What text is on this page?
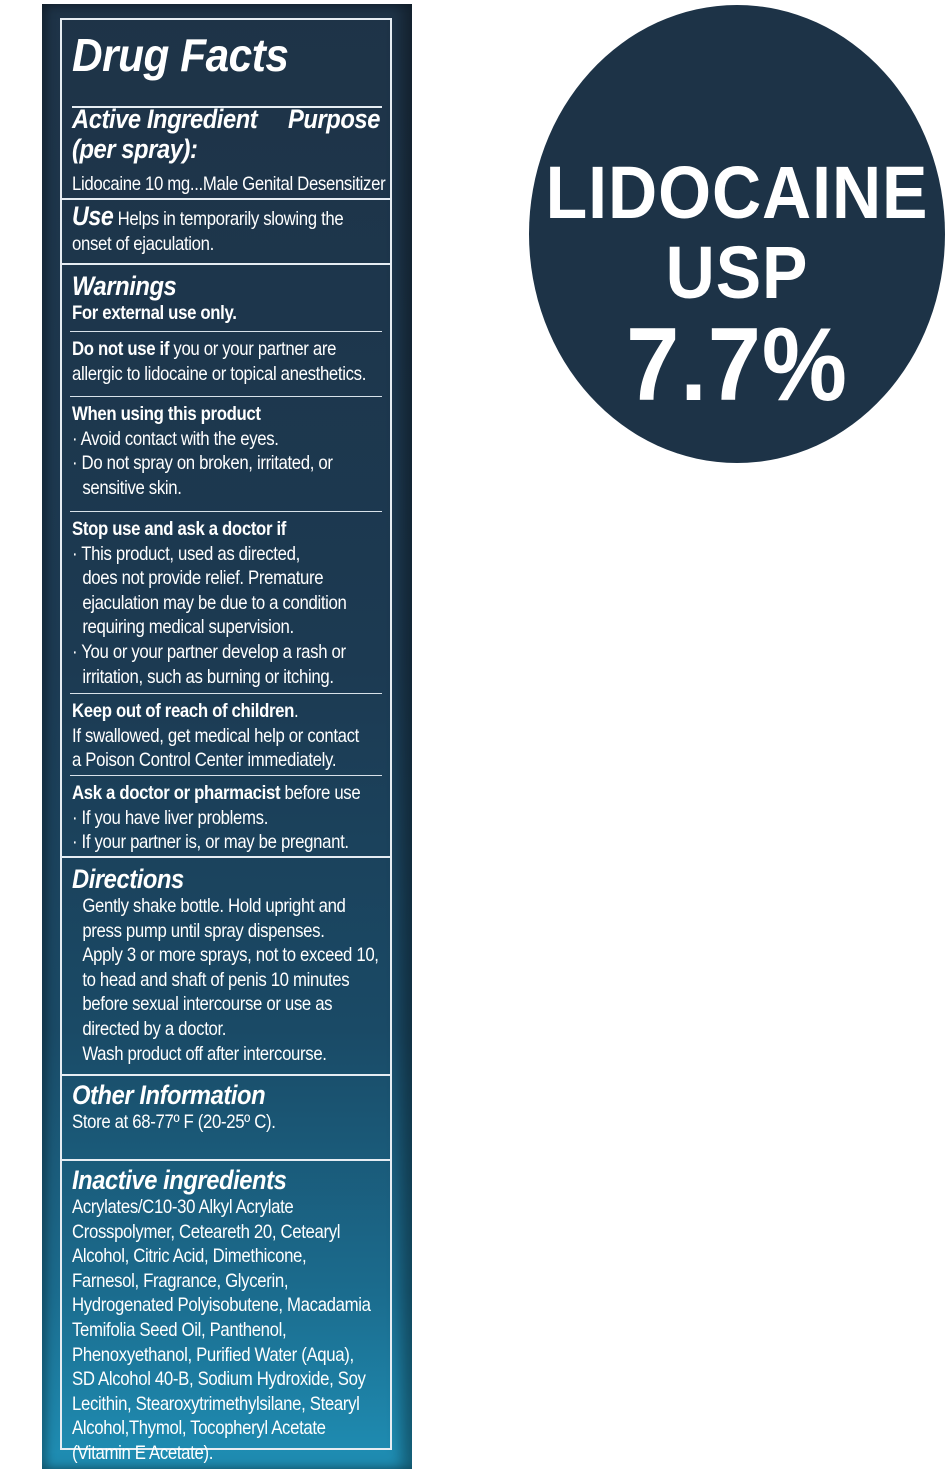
Drug Facts
Active Ingredient
(per spray):
Purpose
Lidocaine 10 mg...Male Genital Desensitizer
Use Helps in temporarily slowing the
onset of ejaculation.
Warnings
For external use only.
Do not use if you or your partner are
allergic to lidocaine or topical anesthetics.
When using this product
· Avoid contact with the eyes.
· Do not spray on broken, irritated, or
sensitive skin.
Stop use and ask a doctor if
· This product, used as directed,
does not provide relief. Premature
ejaculation may be due to a condition
requiring medical supervision.
· You or your partner develop a rash or
irritation, such as burning or itching.
Keep out of reach of children.
If swallowed, get medical help or contact
a Poison Control Center immediately.
Ask a doctor or pharmacist before use
· If you have liver problems.
· If your partner is, or may be pregnant.
Directions
Gently shake bottle. Hold upright and
press pump until spray dispenses.
Apply 3 or more sprays, not to exceed 10,
to head and shaft of penis 10 minutes
before sexual intercourse or use as
directed by a doctor.
Wash product off after intercourse.
Other Information
Store at 68-77º F (20-25º C).
Inactive ingredients
Acrylates/C10-30 Alkyl Acrylate
Crosspolymer, Ceteareth 20, Cetearyl
Alcohol, Citric Acid, Dimethicone,
Farnesol, Fragrance, Glycerin,
Hydrogenated Polyisobutene, Macadamia
Temifolia Seed Oil, Panthenol,
Phenoxyethanol, Purified Water (Aqua),
SD Alcohol 40-B, Sodium Hydroxide, Soy
Lecithin, Stearoxytrimethylsilane, Stearyl
Alcohol,Thymol, Tocopheryl Acetate
(Vitamin E Acetate).
LIDOCAINE
USP
7.7%
